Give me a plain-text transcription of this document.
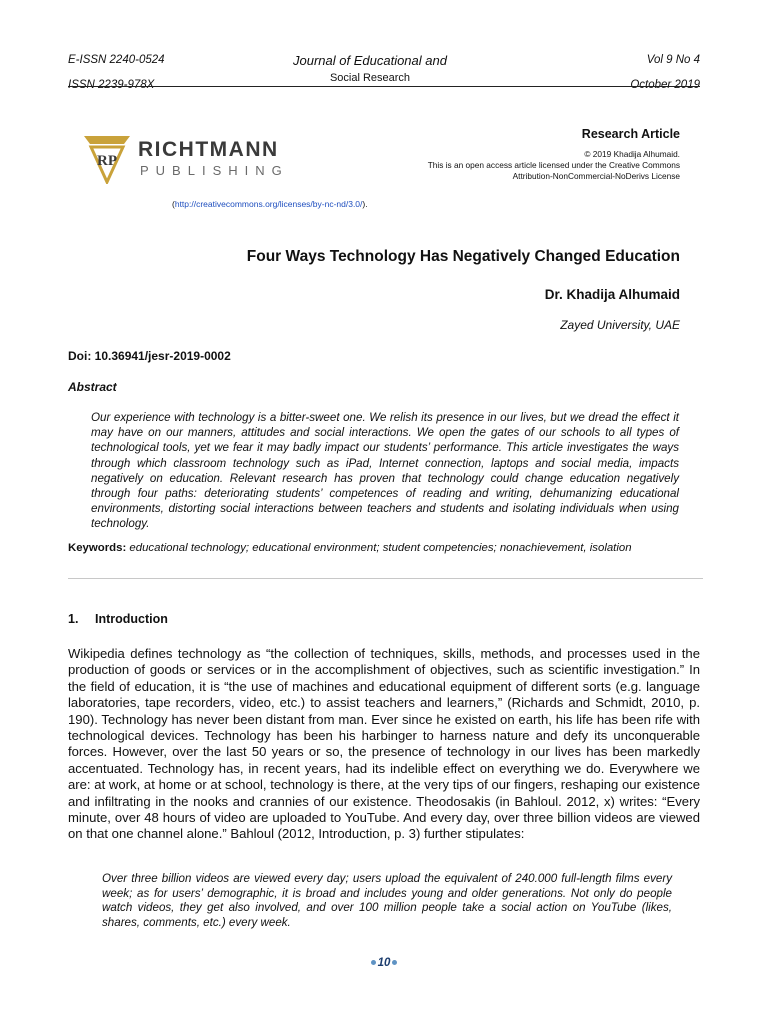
E-ISSN 2240-0524
ISSN 2239-978X
Journal of Educational and
Social Research
Vol 9 No 4
October 2019
RP RICHTMANN
PUBLISHING
Research Article
© 2019 Khadija Alhumaid.
This is an open access article licensed under the Creative Commons
Attribution-NonCommercial-NoDerivs License
(http://creativecommons.org/licenses/by-nc-nd/3.0/).
Four Ways Technology Has Negatively Changed Education
Dr. Khadija Alhumaid
Zayed University, UAE
Doi: 10.36941/jesr-2019-0002
Abstract
Our experience with technology is a bitter-sweet one. We relish its presence in our lives, but we dread the effect it may have on our manners, attitudes and social interactions. We open the gates of our schools to all types of technological tools, yet we fear it may badly impact our students’ performance. This article investigates the ways through which classroom technology such as iPad, Internet connection, laptops and social media, impacts negatively on education. Relevant research has proven that technology could change education negatively through four paths: deteriorating students’ competences of reading and writing, dehumanizing educational environments, distorting social interactions between teachers and students and isolating individuals when using technology.
Keywords: educational technology; educational environment; student competencies; nonachievement, isolation
1. Introduction
Wikipedia defines technology as “the collection of techniques, skills, methods, and processes used in the production of goods or services or in the accomplishment of objectives, such as scientific investigation.” In the field of education, it is “the use of machines and educational equipment of different sorts (e.g. language laboratories, tape recorders, video, etc.) to assist teachers and learners,” (Richards and Schmidt, 2010, p. 190). Technology has never been distant from man. Ever since he existed on earth, his life has been rife with technological devices. Technology has been his harbinger to harness nature and defy its unconquerable forces. However, over the last 50 years or so, the presence of technology in our lives has been markedly accentuated. Technology has, in recent years, had its indelible effect on everything we do. Everywhere we are: at work, at home or at school, technology is there, at the very tips of our fingers, reshaping our existence and infiltrating in the nooks and crannies of our existence. Theodosakis (in Bahloul. 2012, x) writes: “Every minute, over 48 hours of video are uploaded to YouTube. And every day, over three billion videos are viewed on that one channel alone.” Bahloul (2012, Introduction, p. 3) further stipulates:
Over three billion videos are viewed every day; users upload the equivalent of 240.000 full-length films every week; as for users’ demographic, it is broad and includes young and older generations. Not only do people watch videos, they get also involved, and over 100 million people take a social action on YouTube (likes, shares, comments, etc.) every week.
10
